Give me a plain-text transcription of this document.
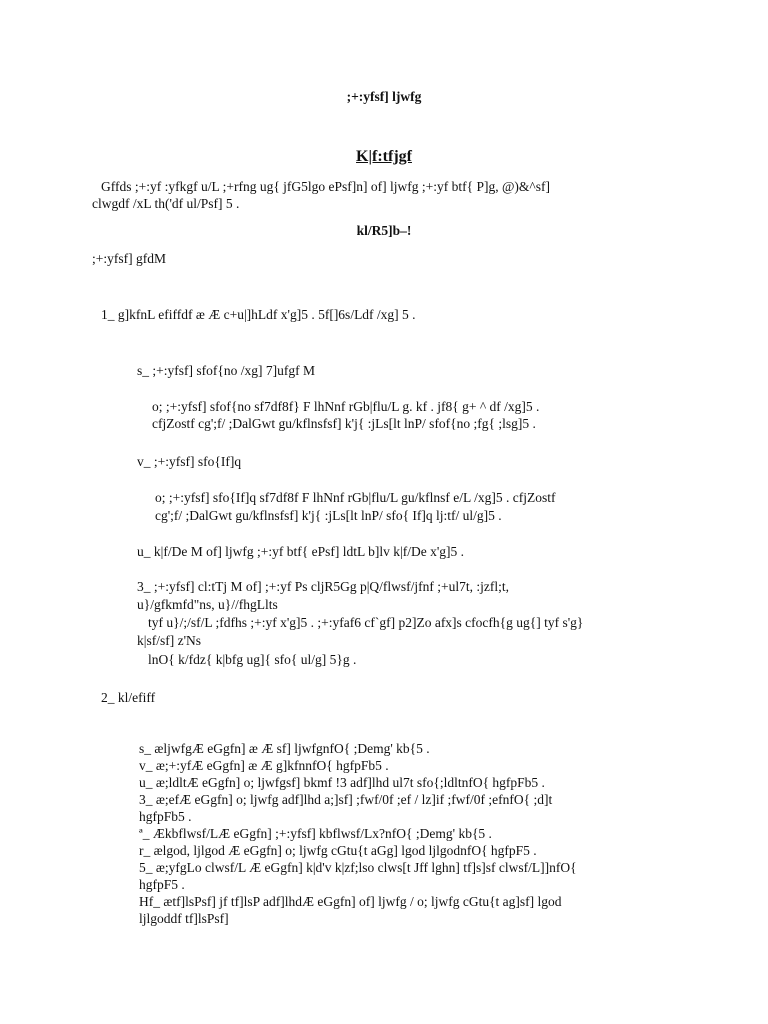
;+:yfsf] ljwfg
K|f:tfjgf
Gffds ;+:yf :yfkgf u/L ;+rfng ug{ jfG5lgo ePsf]n] of] ljwfg ;+:yf btf{ P]g, @)&^sf]
clwgdf /xL th('df ul/Psf] 5 .
kl/R5]b–!
;+:yfsf] gfdM
1_ g]kfnL efiffdf æ Æ c+u|]hLdf x'g]5 . 5f[]6s/Ldf /xg] 5 .
s_ ;+:yfsf] sfof{no /xg] 7]ufgf M
o; ;+:yfsf] sfof{no sf7df8f} F lhNnf rGb|flu/L g. kf . jf8{ g+ ^ df /xg]5 .
cfjZostf cg';f/ ;DalGwt gu/kflnsfsf] k'j{ :jLs[lt lnP/ sfof{no ;fg{ ;lsg]5 .
v_ ;+:yfsf] sfo{If]q
o; ;+:yfsf] sfo{If]q sf7df8f F lhNnf rGb|flu/L gu/kflnsf e/L /xg]5 . cfjZostf
cg';f/ ;DalGwt gu/kflnsfsf] k'j{ :jLs[lt lnP/ sfo{ If]q lj:tf/ ul/g]5 .
u_ k|f/De M of] ljwfg ;+:yf btf{ ePsf] ldtL b]lv k|f/De x'g]5 .
3_ ;+:yfsf] cl:tTj M of] ;+:yf Ps cljR5Gg p|Q/flwsf/jfnf ;+ul7t, :jzfl;t,
u}/gfkmfd"ns, u}//fhgLlts
tyf u}/;/sf/L ;fdfhs ;+:yf x'g]5 . ;+:yfaf6 cf`gf] p2]Zo afx]s cfocfh{g ug{] tyf s'g}
k|sf/sf] z'Ns
lnO{ k/fdz{ k|bfg ug]{ sfo{ ul/g] 5}g .
2_ kl/efiff
s_ æljwfgÆ eGgfn] æ Æ sf] ljwfgnfO{ ;Demg' kb{5 .
v_ æ;+:yfÆ eGgfn] æ Æ g]kfnnfO{ hgfpFb5 .
u_ æ;ldltÆ eGgfn] o; ljwfgsf] bkmf !3 adf]lhd ul7t sfo{;ldltnfO{ hgfpFb5 .
3_ æ;efÆ eGgfn] o; ljwfg adf]lhd a;]sf] ;fwf/0f ;ef / lz]if ;fwf/0f ;efnfO{ ;d]t
hgfpFb5 .
ª_ Ækbflwsf/LÆ eGgfn] ;+:yfsf] kbflwsf/Lx?nfO{ ;Demg' kb{5 .
r_ ælgod, ljlgod Æ eGgfn] o; ljwfg cGtu{t aGg] lgod ljlgodnfO{ hgfpF5 .
5_ æ;yfgLo clwsf/L Æ eGgfn] k|d'v k|zf;lso clws[t Jff lghn] tf]s]sf clwsf/L]]nfO{
hgfpF5 .
Hf_ ætf]lsPsf] jf tf]lsP adf]lhdÆ eGgfn] of] ljwfg / o; ljwfg cGtu{t ag]sf] lgod
ljlgoddf tf]lsPsf]
